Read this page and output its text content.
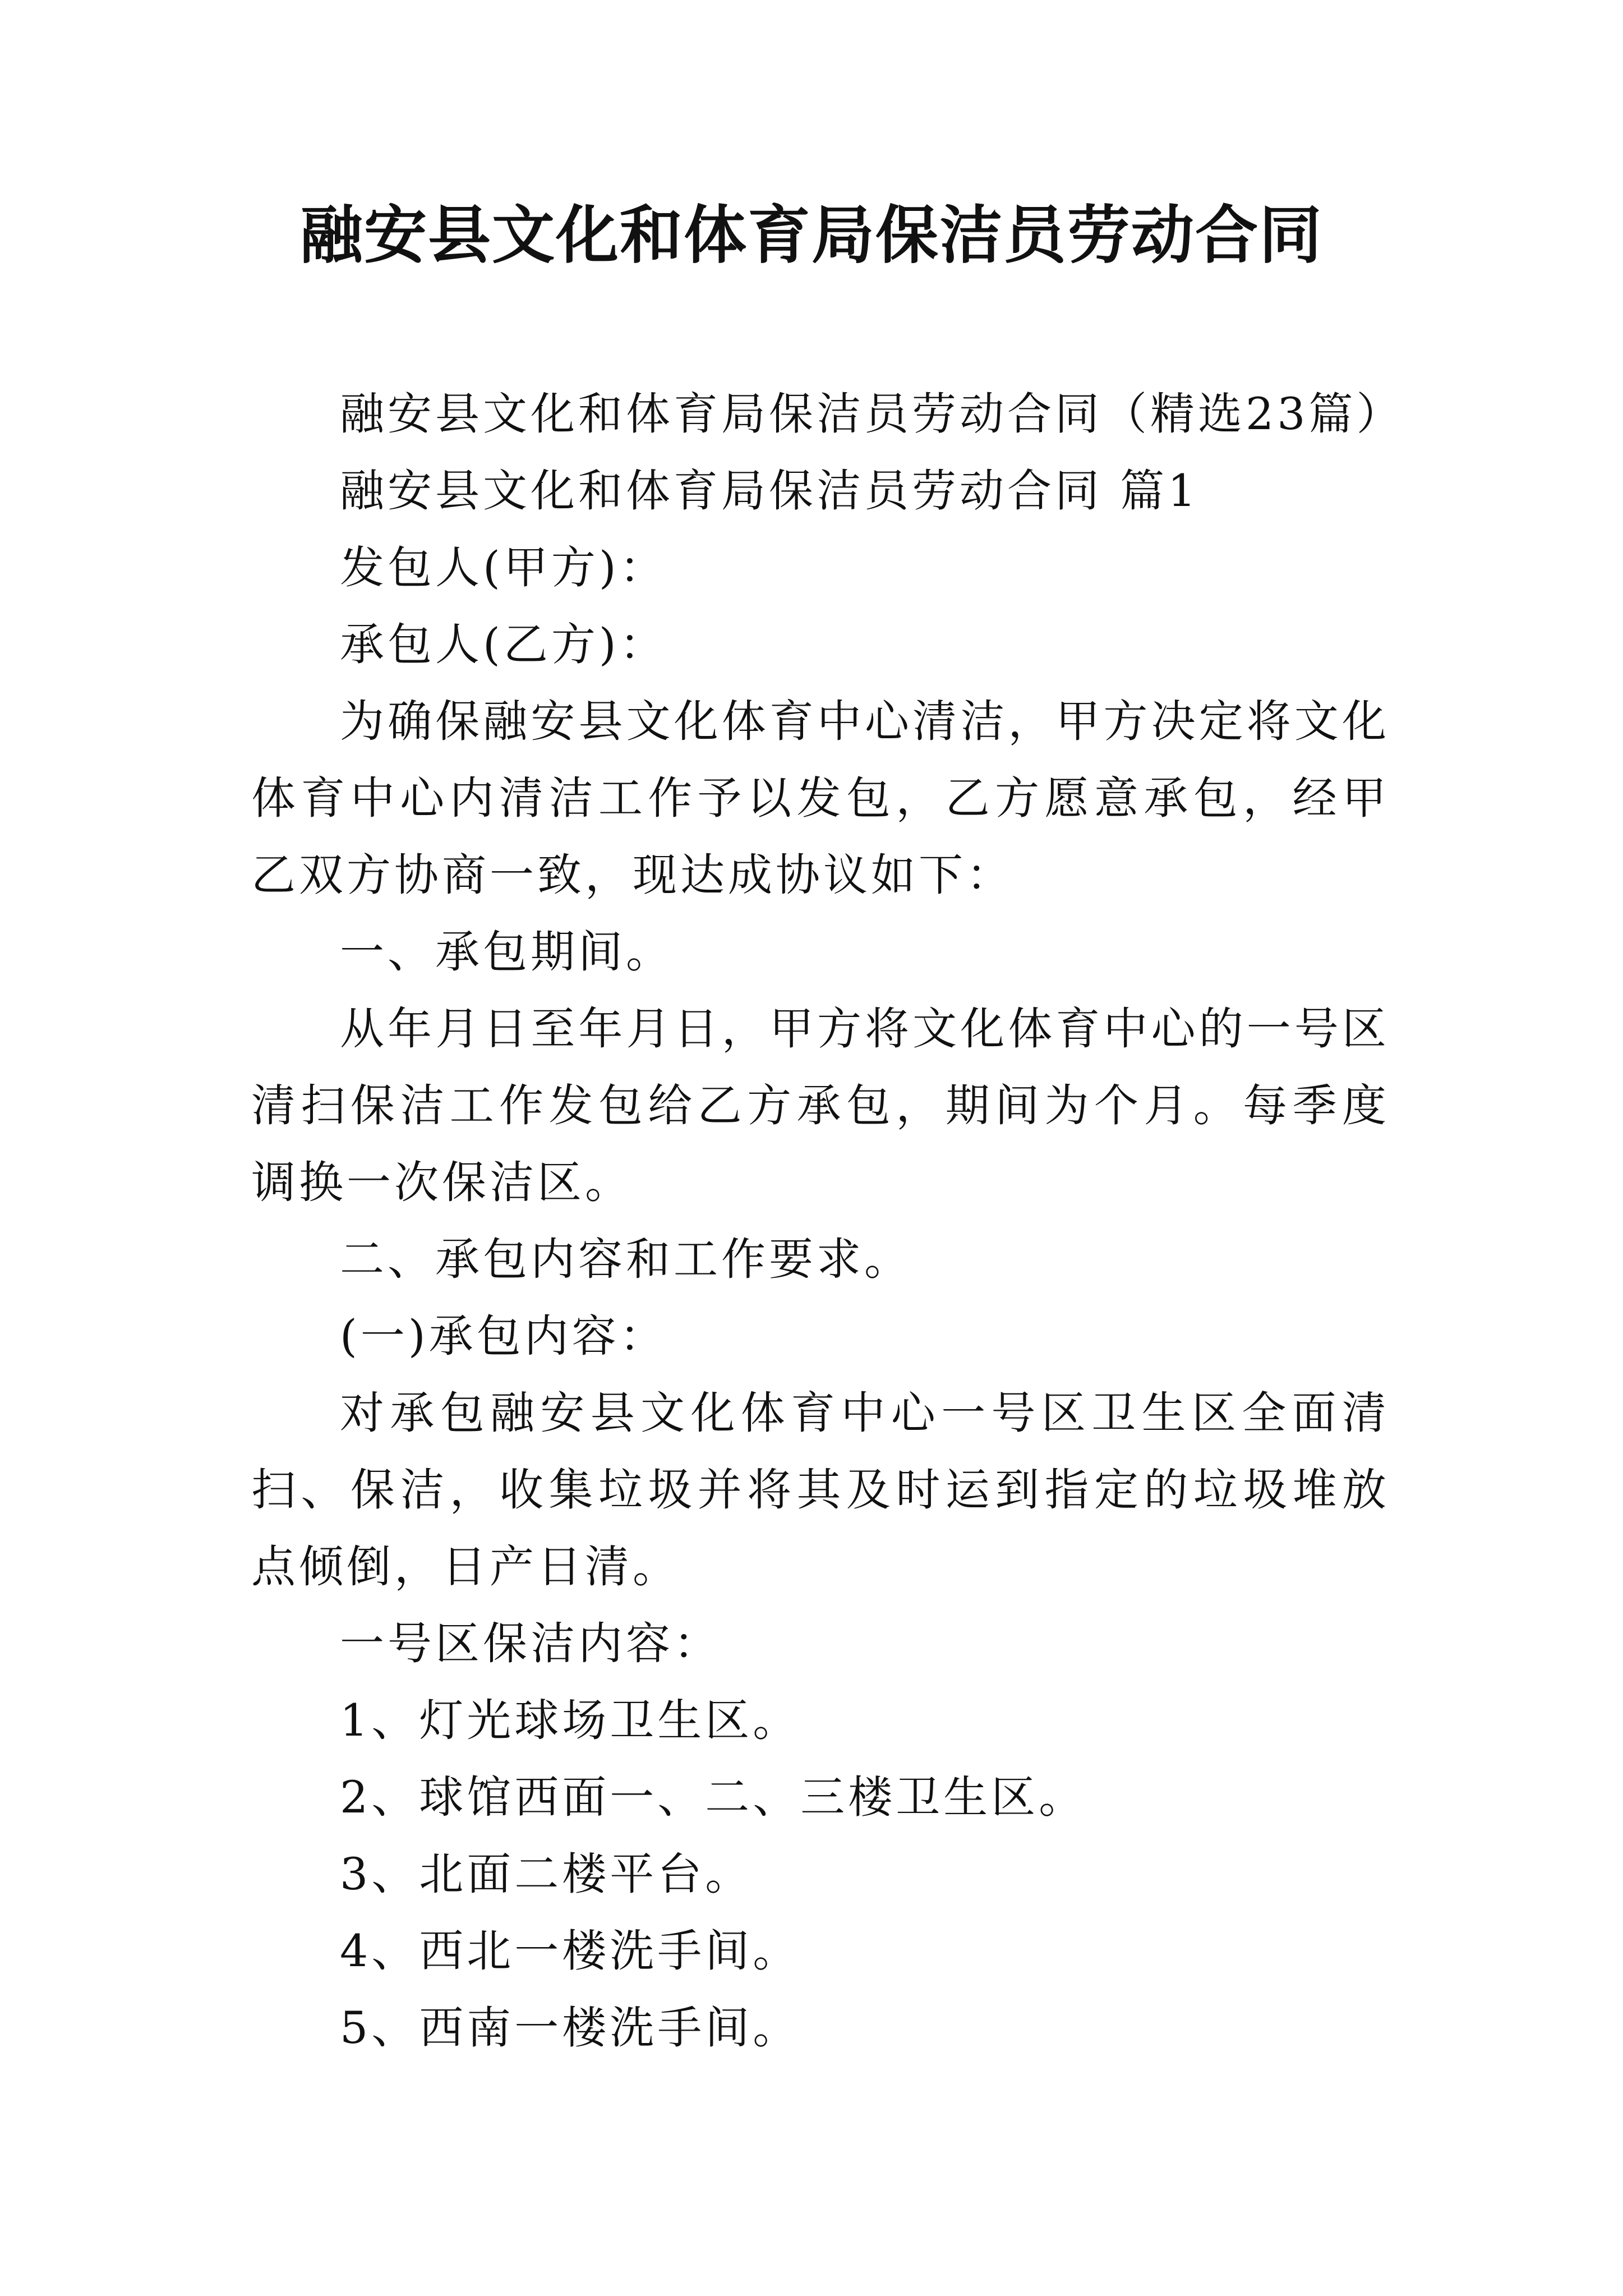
融安县文化和体育局保洁员劳动合同

融安县文化和体育局保洁员劳动合同（精选23篇）

融安县文化和体育局保洁员劳动合同 篇1

发包人(甲方)：

承包人(乙方)：

为确保融安县文化体育中心清洁，甲方决定将文化体育中心内清洁工作予以发包，乙方愿意承包，经甲乙双方协商一致，现达成协议如下：

一、承包期间。

从年月日至年月日，甲方将文化体育中心的一号区清扫保洁工作发包给乙方承包，期间为个月。每季度调换一次保洁区。

二、承包内容和工作要求。

(一)承包内容：

对承包融安县文化体育中心一号区卫生区全面清扫、保洁，收集垃圾并将其及时运到指定的垃圾堆放点倾倒，日产日清。

一号区保洁内容：

1、灯光球场卫生区。

2、球馆西面一、二、三楼卫生区。

3、北面二楼平台。

4、西北一楼洗手间。

5、西南一楼洗手间。
